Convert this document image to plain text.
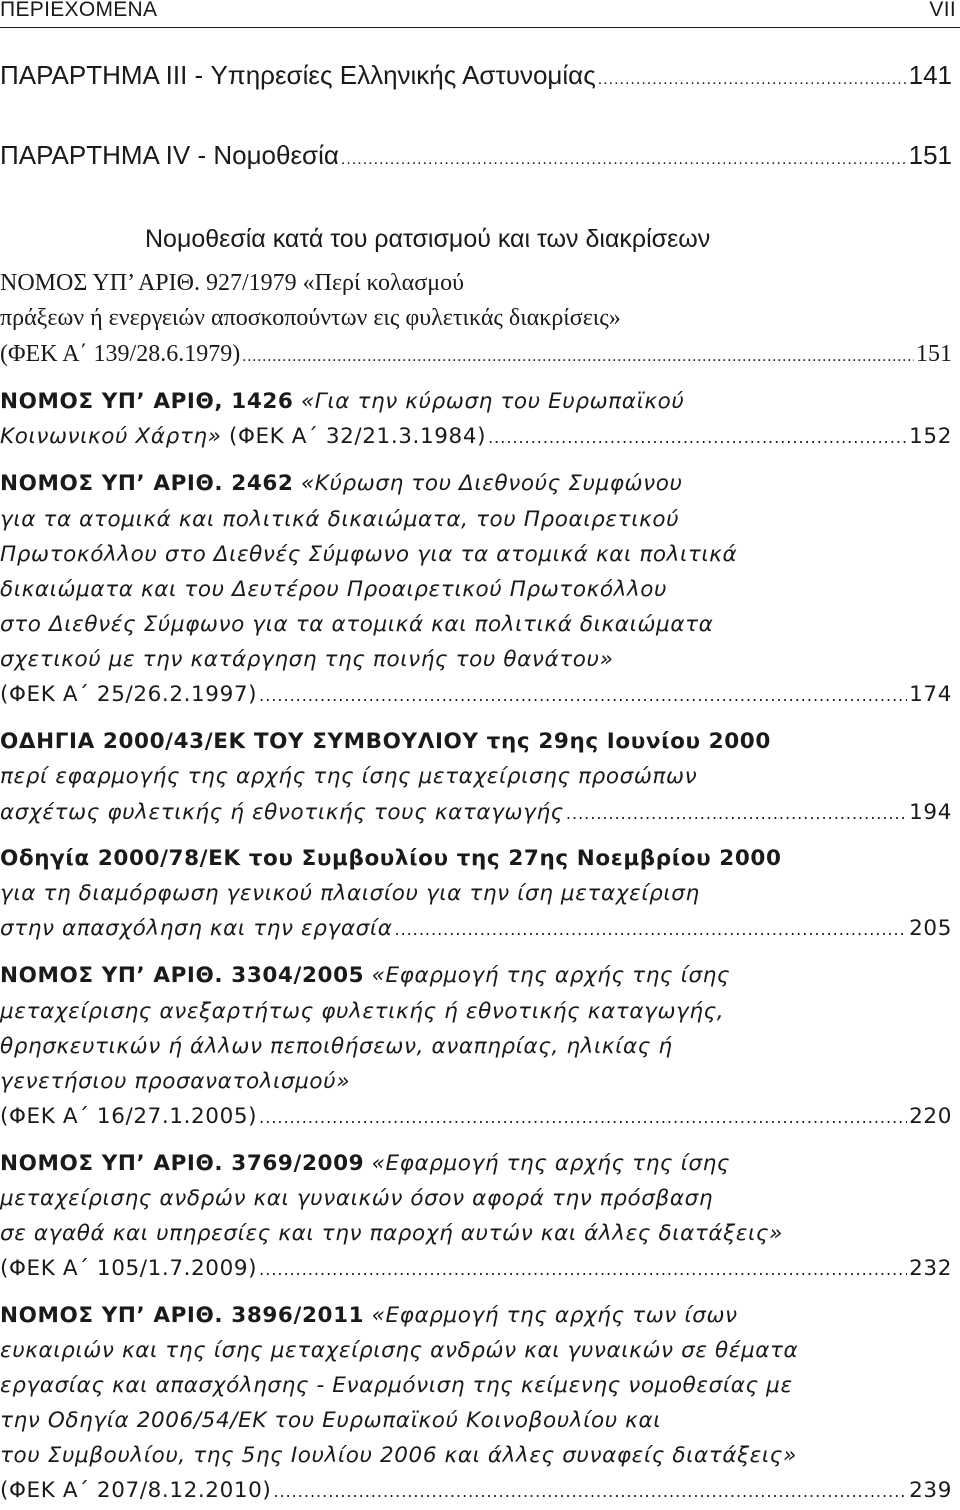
ΠΕΡΙΕΧΟΜΕΝΑ	VII
ΠΑΡΑΡΤΗΜΑ III - Υπηρεσίες Ελληνικής Αστυνομίας .....	141
ΠΑΡΑΡΤΗΜΑ IV - Νομοθεσία .....	151
Νομοθεσία κατά του ρατσισμού και των διακρίσεων
ΝΟΜΟΣ ΥΠ’ ΑΡΙΘ. 927/1979 «Περί κολασμού
πράξεων ή ενεργειών αποσκοπούντων εις φυλετικάς διακρίσεις»
(ΦΕΚ Α΄ 139/28.6.1979) .....	151
ΝΟΜΟΣ ΥΠ’ ΑΡΙΘ, 1426 «Για την κύρωση του Ευρωπαϊκού
Κοινωνικού Χάρτη» (ΦΕΚ Α΄ 32/21.3.1984) .....	152
ΝΟΜΟΣ ΥΠ’ ΑΡΙΘ. 2462 «Κύρωση του Διεθνούς Συμφώνου
για τα ατομικά και πολιτικά δικαιώματα, του Προαιρετικού
Πρωτοκόλλου στο Διεθνές Σύμφωνο για τα ατομικά και πολιτικά
δικαιώματα και του Δευτέρου Προαιρετικού Πρωτοκόλλου
στο Διεθνές Σύμφωνο για τα ατομικά και πολιτικά δικαιώματα
σχετικού με την κατάργηση της ποινής του θανάτου»
(ΦΕΚ Α΄ 25/26.2.1997) .....	174
ΟΔΗΓΙΑ 2000/43/ΕΚ ΤΟΥ ΣΥΜΒΟΥΛΙΟΥ της 29ης Ιουνίου 2000
περί εφαρμογής της αρχής της ίσης μεταχείρισης προσώπων
ασχέτως φυλετικής ή εθνοτικής τους καταγωγής .....	194
Οδηγία 2000/78/ΕΚ του Συμβουλίου της 27ης Νοεμβρίου 2000
για τη διαμόρφωση γενικού πλαισίου για την ίση μεταχείριση
στην απασχόληση και την εργασία .....	205
ΝΟΜΟΣ ΥΠ’ ΑΡΙΘ. 3304/2005 «Εφαρμογή της αρχής της ίσης
μεταχείρισης ανεξαρτήτως φυλετικής ή εθνοτικής καταγωγής,
θρησκευτικών ή άλλων πεποιθήσεων, αναπηρίας, ηλικίας ή
γενετήσιου προσανατολισμού»
(ΦΕΚ Α΄ 16/27.1.2005) .....	220
ΝΟΜΟΣ ΥΠ’ ΑΡΙΘ. 3769/2009 «Εφαρμογή της αρχής της ίσης
μεταχείρισης ανδρών και γυναικών όσον αφορά την πρόσβαση
σε αγαθά και υπηρεσίες και την παροχή αυτών και άλλες διατάξεις»
(ΦΕΚ Α΄ 105/1.7.2009) .....	232
ΝΟΜΟΣ ΥΠ’ ΑΡΙΘ. 3896/2011 «Εφαρμογή της αρχής των ίσων
ευκαιριών και της ίσης μεταχείρισης ανδρών και γυναικών σε θέματα
εργασίας και απασχόλησης - Εναρμόνιση της κείμενης νομοθεσίας με
την Οδηγία 2006/54/ΕΚ του Ευρωπαϊκού Κοινοβουλίου και
του Συμβουλίου, της 5ης Ιουλίου 2006 και άλλες συναφείς διατάξεις»
(ΦΕΚ Α΄ 207/8.12.2010) .....	239
